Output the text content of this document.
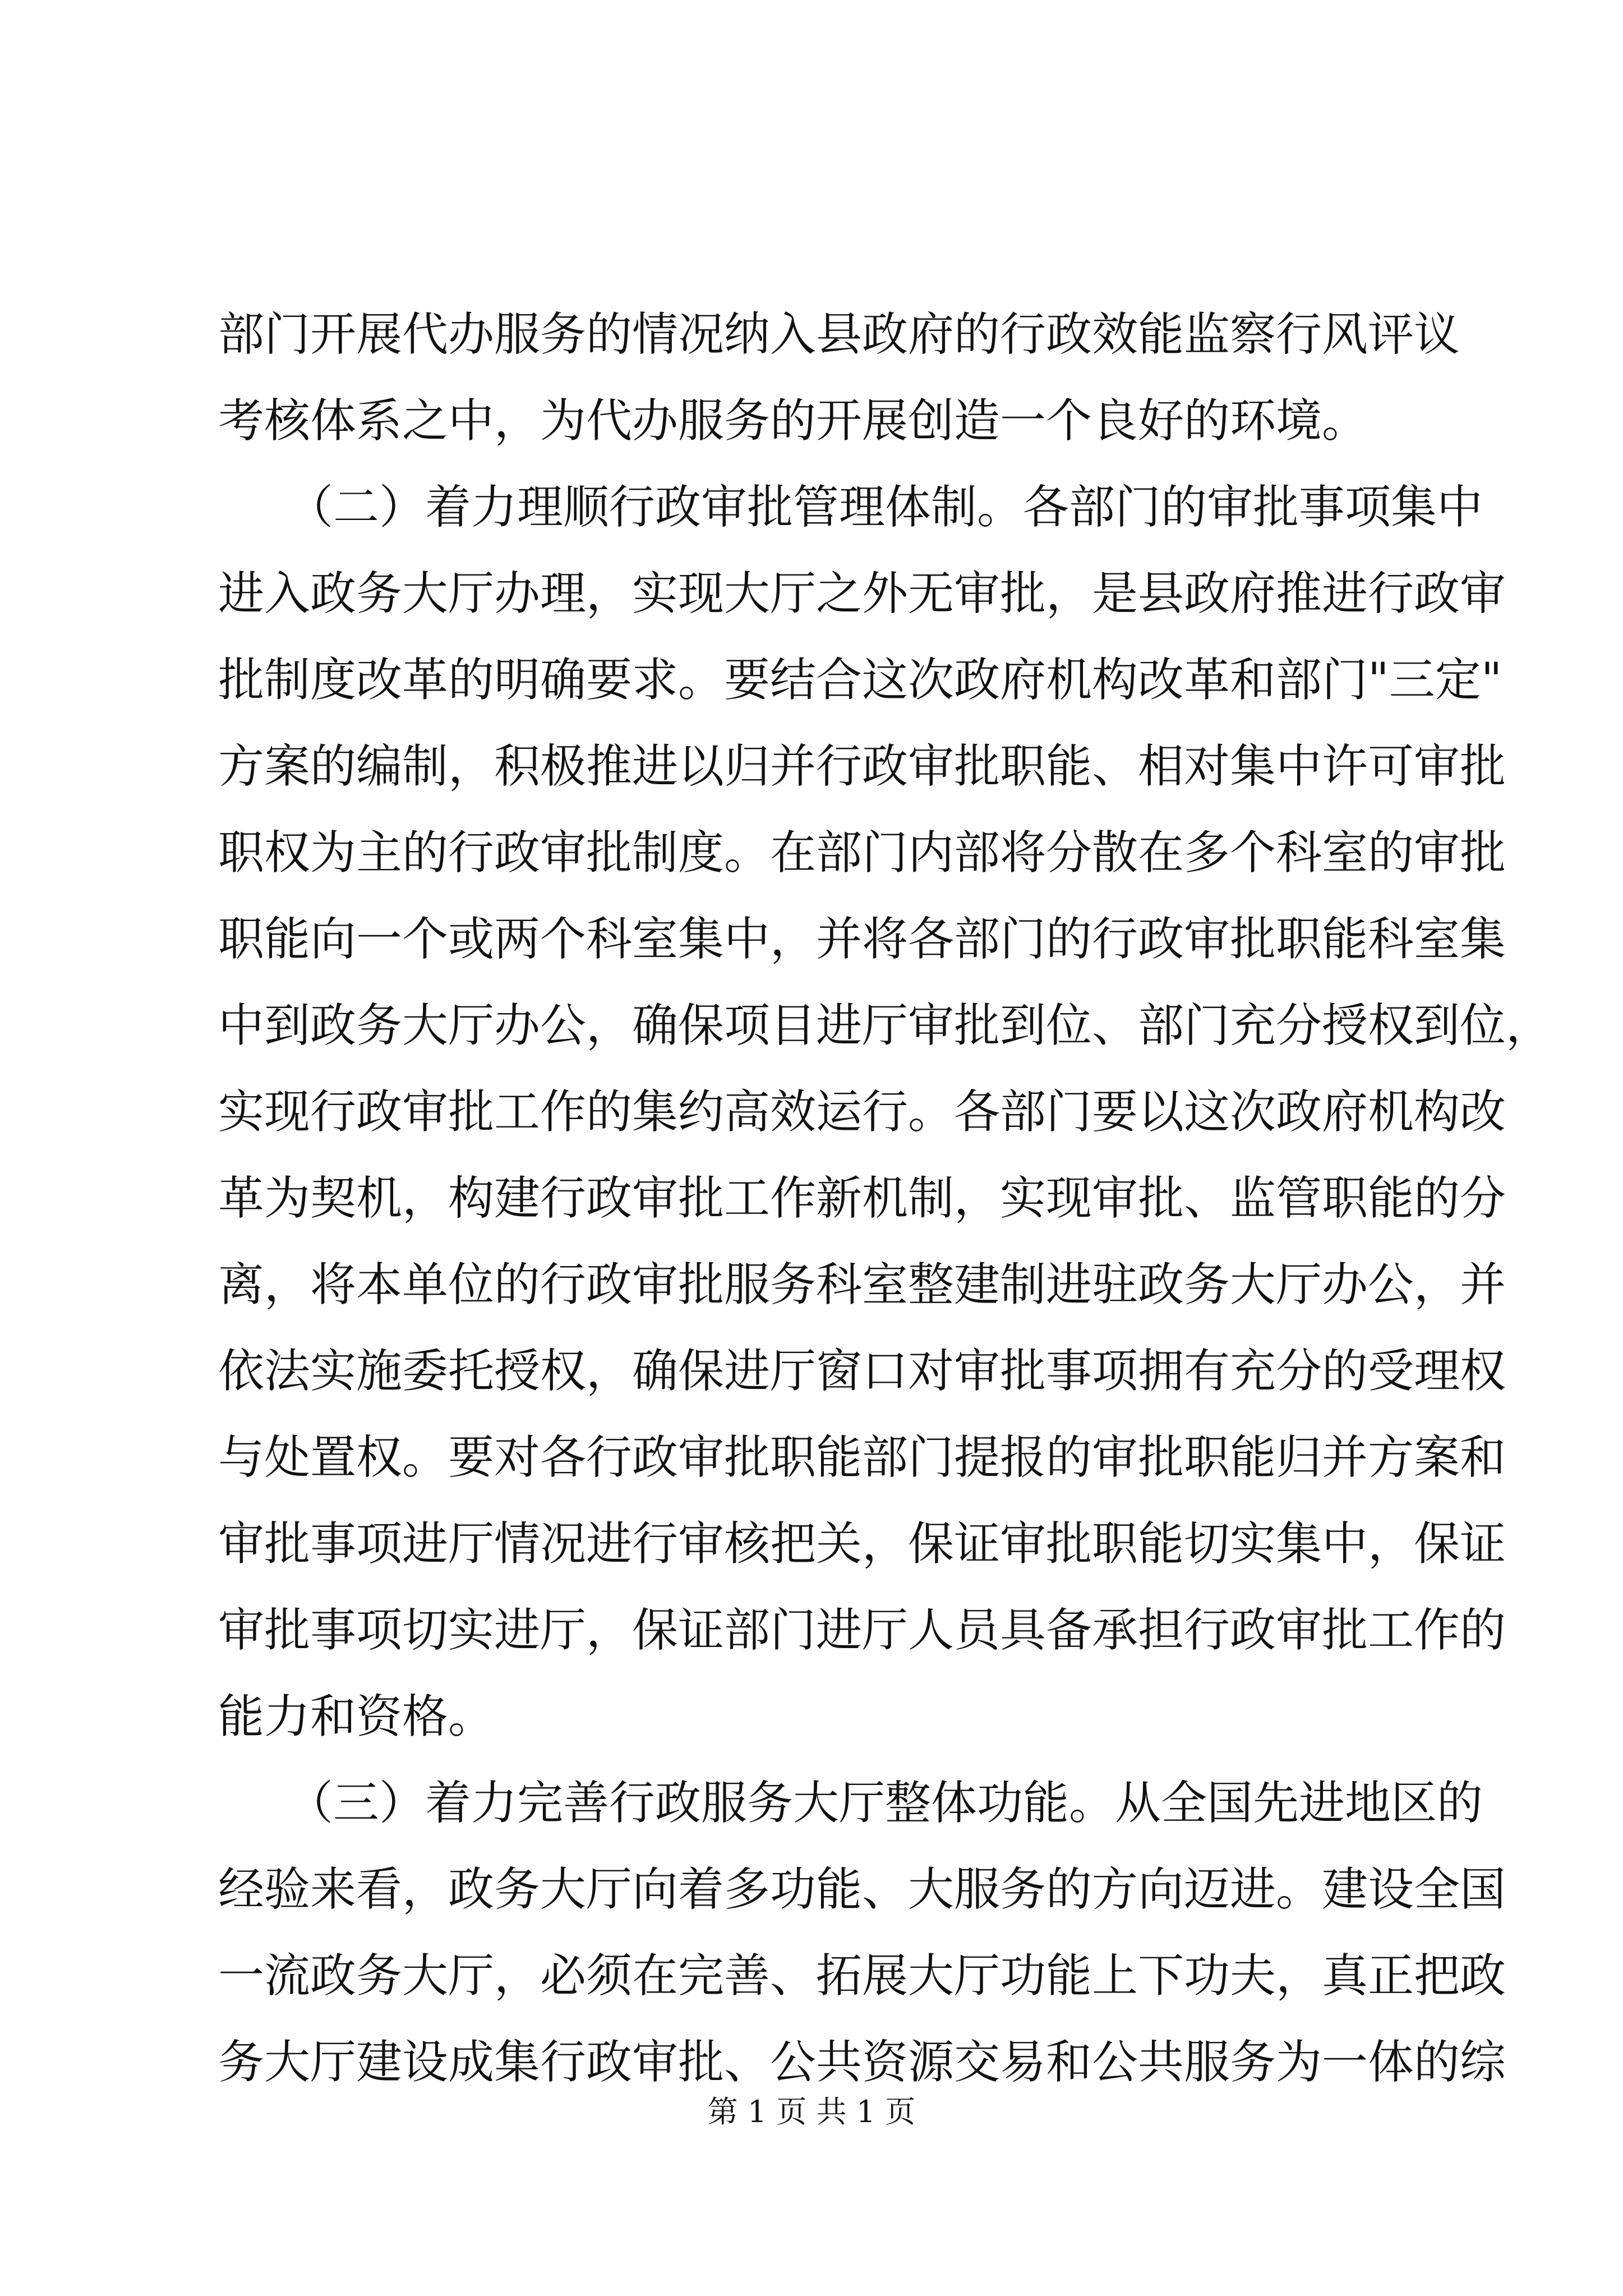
部门开展代办服务的情况纳入县政府的行政效能监察行风评议
考核体系之中，为代办服务的开展创造一个良好的环境。
　　（二）着力理顺行政审批管理体制。各部门的审批事项集中
进入政务大厅办理，实现大厅之外无审批，是县政府推进行政审
批制度改革的明确要求。要结合这次政府机构改革和部门"三定"
方案的编制，积极推进以归并行政审批职能、相对集中许可审批
职权为主的行政审批制度。在部门内部将分散在多个科室的审批
职能向一个或两个科室集中，并将各部门的行政审批职能科室集
中到政务大厅办公，确保项目进厅审批到位、部门充分授权到位，
实现行政审批工作的集约高效运行。各部门要以这次政府机构改
革为契机，构建行政审批工作新机制，实现审批、监管职能的分
离，将本单位的行政审批服务科室整建制进驻政务大厅办公，并
依法实施委托授权，确保进厅窗口对审批事项拥有充分的受理权
与处置权。要对各行政审批职能部门提报的审批职能归并方案和
审批事项进厅情况进行审核把关，保证审批职能切实集中，保证
审批事项切实进厅，保证部门进厅人员具备承担行政审批工作的
能力和资格。
　　（三）着力完善行政服务大厅整体功能。从全国先进地区的
经验来看，政务大厅向着多功能、大服务的方向迈进。建设全国
一流政务大厅，必须在完善、拓展大厅功能上下功夫，真正把政
务大厅建设成集行政审批、公共资源交易和公共服务为一体的综
第 1 页 共 1 页
